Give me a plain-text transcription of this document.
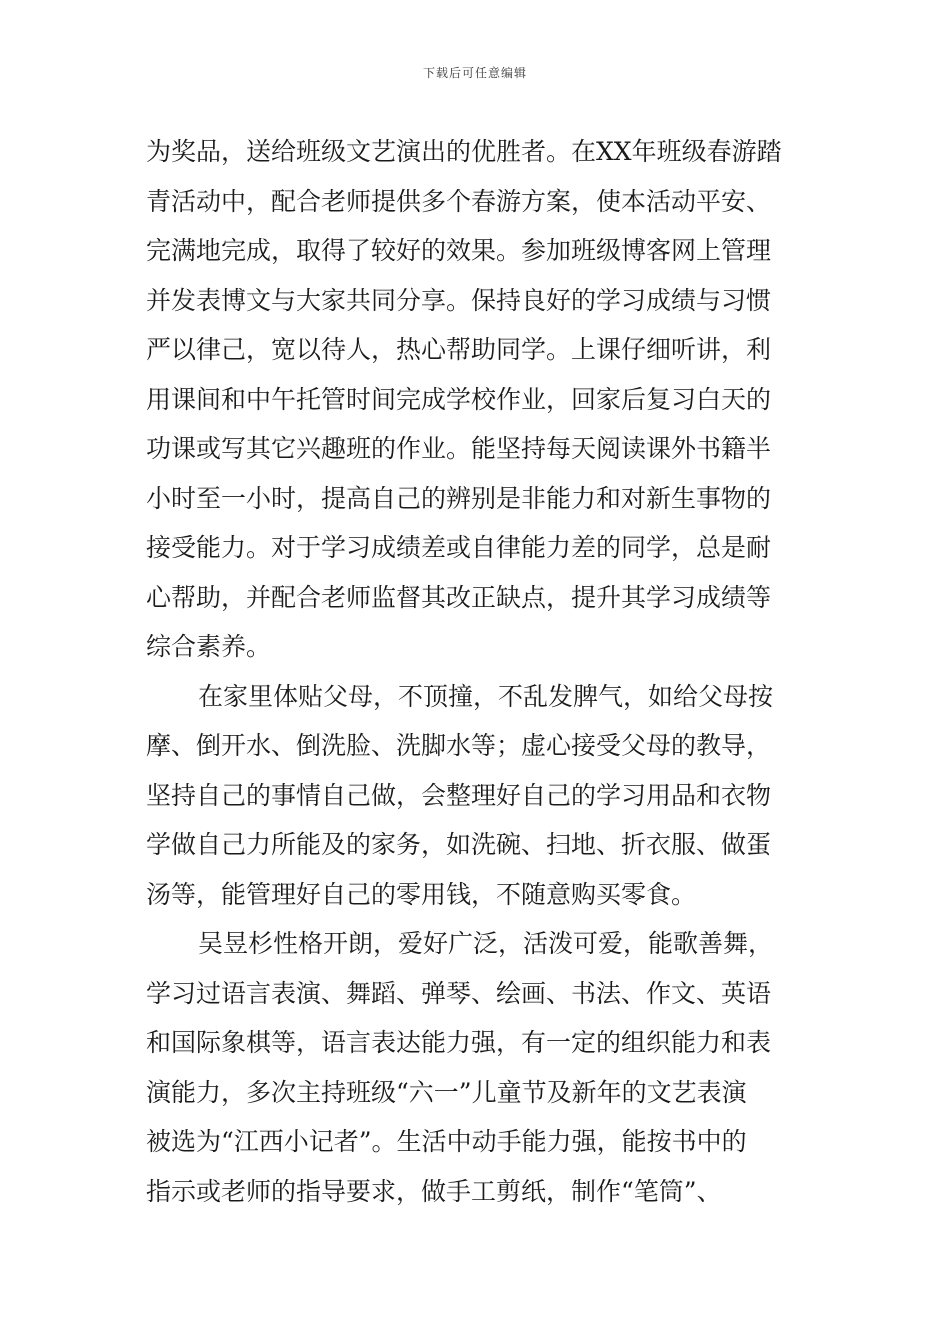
下载后可任意编辑
为奖品，送给班级文艺演出的优胜者。在XX年班级春游踏
青活动中，配合老师提供多个春游方案，使本活动平安、
完满地完成，取得了较好的效果。参加班级博客网上管理
并发表博文与大家共同分享。保持良好的学习成绩与习惯
严以律己，宽以待人，热心帮助同学。上课仔细听讲，利
用课间和中午托管时间完成学校作业，回家后复习白天的
功课或写其它兴趣班的作业。能坚持每天阅读课外书籍半
小时至一小时，提高自己的辨别是非能力和对新生事物的
接受能力。对于学习成绩差或自律能力差的同学，总是耐
心帮助，并配合老师监督其改正缺点，提升其学习成绩等
综合素养。
在家里体贴父母，不顶撞，不乱发脾气，如给父母按
摩、倒开水、倒洗脸、洗脚水等；虚心接受父母的教导，
坚持自己的事情自己做，会整理好自己的学习用品和衣物
学做自己力所能及的家务，如洗碗、扫地、折衣服、做蛋
汤等，能管理好自己的零用钱，不随意购买零食。
吴昱杉性格开朗，爱好广泛，活泼可爱，能歌善舞，
学习过语言表演、舞蹈、弹琴、绘画、书法、作文、英语
和国际象棋等，语言表达能力强，有一定的组织能力和表
演能力，多次主持班级“六一”儿童节及新年的文艺表演
被选为“江西小记者”。生活中动手能力强，能按书中的
指示或老师的指导要求，做手工剪纸，制作“笔筒”、
